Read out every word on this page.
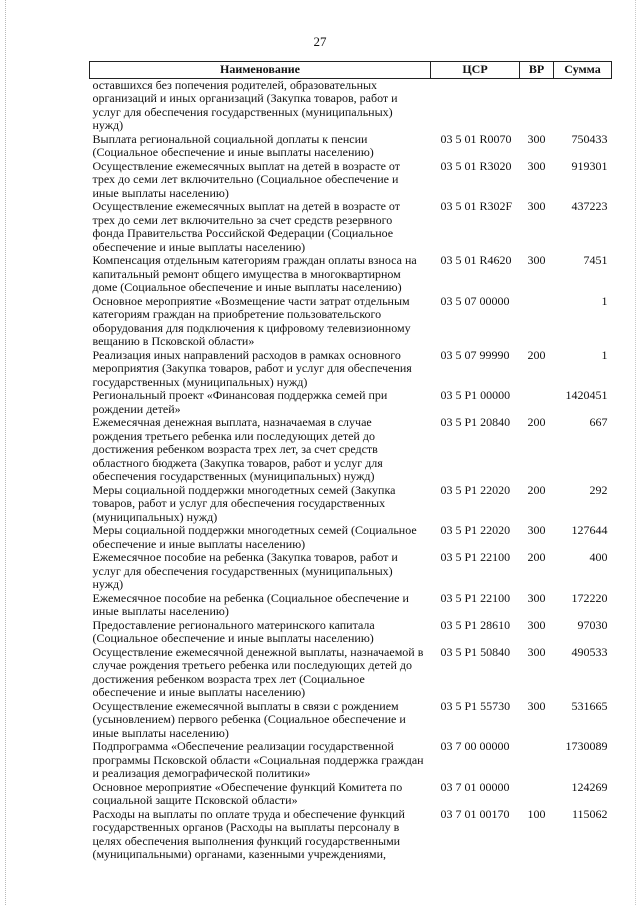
27
Наименование	ЦСР	ВР	Сумма
оставшихся без попечения родителей, образовательных организаций и иных организаций (Закупка товаров, работ и услуг для обеспечения государственных (муниципальных) нужд)			
Выплата региональной социальной доплаты к пенсии (Социальное обеспечение и иные выплаты населению)	03 5 01 R0070	300	750433
Осуществление ежемесячных выплат на детей в возрасте от трех до семи лет включительно (Социальное обеспечение и иные выплаты населению)	03 5 01 R3020	300	919301
Осуществление ежемесячных выплат на детей в возрасте от трех до семи лет включительно за счет средств резервного фонда Правительства Российской Федерации (Социальное обеспечение и иные выплаты населению)	03 5 01 R302F	300	437223
Компенсация отдельным категориям граждан оплаты взноса на капитальный ремонт общего имущества в многоквартирном доме (Социальное обеспечение и иные выплаты населению)	03 5 01 R4620	300	7451
Основное мероприятие «Возмещение части затрат отдельным категориям граждан на приобретение пользовательского оборудования для подключения к цифровому телевизионному вещанию в Псковской области»	03 5 07 00000		1
Реализация иных направлений расходов в рамках основного мероприятия (Закупка товаров, работ и услуг для обеспечения государственных (муниципальных) нужд)	03 5 07 99990	200	1
Региональный проект «Финансовая поддержка семей при рождении детей»	03 5 P1 00000		1420451
Ежемесячная денежная выплата, назначаемая в случае рождения третьего ребенка или последующих детей до достижения ребенком возраста трех лет, за счет средств областного бюджета (Закупка товаров, работ и услуг для обеспечения государственных (муниципальных) нужд)	03 5 P1 20840	200	667
Меры социальной поддержки многодетных семей (Закупка товаров, работ и услуг для обеспечения государственных (муниципальных) нужд)	03 5 P1 22020	200	292
Меры социальной поддержки многодетных семей (Социальное обеспечение и иные выплаты населению)	03 5 P1 22020	300	127644
Ежемесячное пособие на ребенка (Закупка товаров, работ и услуг для обеспечения государственных (муниципальных) нужд)	03 5 P1 22100	200	400
Ежемесячное пособие на ребенка (Социальное обеспечение и иные выплаты населению)	03 5 P1 22100	300	172220
Предоставление регионального материнского капитала (Социальное обеспечение и иные выплаты населению)	03 5 P1 28610	300	97030
Осуществление ежемесячной денежной выплаты, назначаемой в случае рождения третьего ребенка или последующих детей до достижения ребенком возраста трех лет (Социальное обеспечение и иные выплаты населению)	03 5 P1 50840	300	490533
Осуществление ежемесячной выплаты в связи с рождением (усыновлением) первого ребенка (Социальное обеспечение и иные выплаты населению)	03 5 P1 55730	300	531665
Подпрограмма «Обеспечение реализации государственной программы Псковской области «Социальная поддержка граждан и реализация демографической политики»	03 7 00 00000		1730089
Основное мероприятие «Обеспечение функций Комитета по социальной защите Псковской области»	03 7 01 00000		124269
Расходы на выплаты по оплате труда и обеспечение функций государственных органов (Расходы на выплаты персоналу в целях обеспечения выполнения функций государственными (муниципальными) органами, казенными учреждениями,	03 7 01 00170	100	115062
